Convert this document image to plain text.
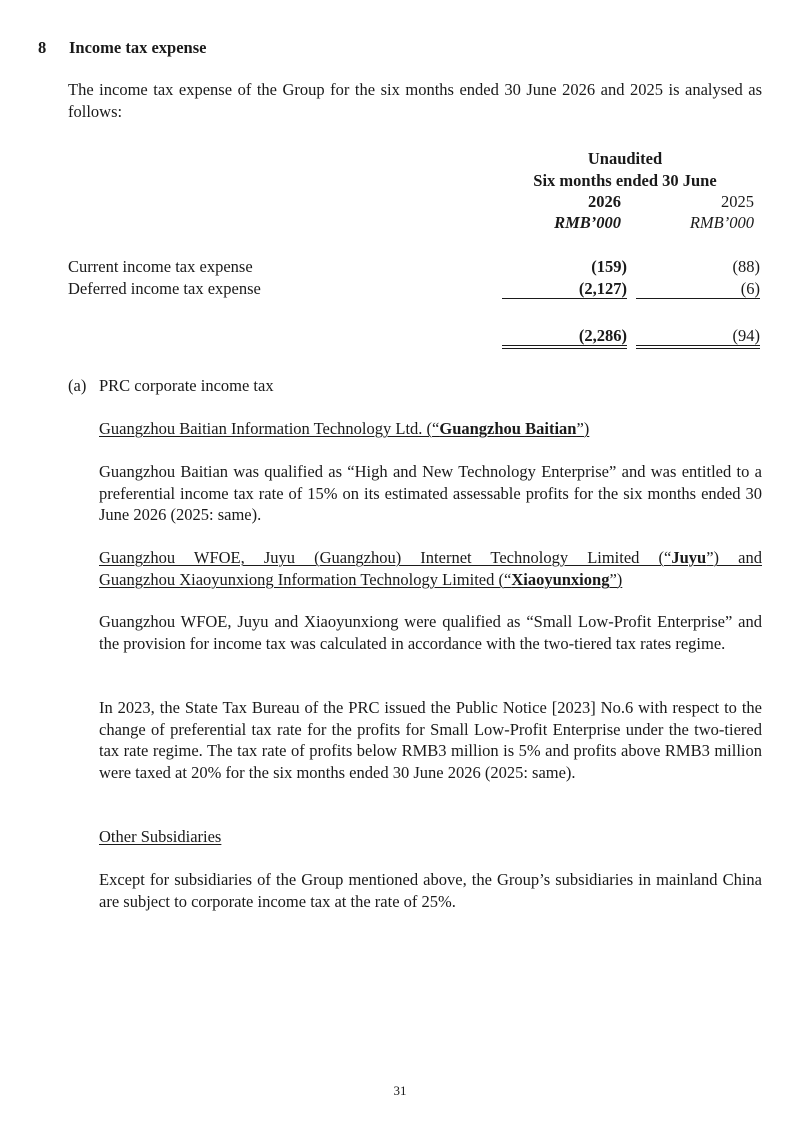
8 Income tax expense
The income tax expense of the Group for the six months ended 30 June 2026 and 2025 is analysed as follows:
Unaudited
Six months ended 30 June
2026	2025
RMB’000	RMB’000
Current income tax expense	(159)	(88)
Deferred income tax expense	(2,127)	(6)
(2,286)	(94)
(a) PRC corporate income tax
Guangzhou Baitian Information Technology Ltd. (“Guangzhou Baitian”)
Guangzhou Baitian was qualified as “High and New Technology Enterprise” and was entitled to a preferential income tax rate of 15% on its estimated assessable profits for the six months ended 30 June 2026 (2025: same).
Guangzhou WFOE, Juyu (Guangzhou) Internet Technology Limited (“Juyu”) and
Guangzhou Xiaoyunxiong Information Technology Limited (“Xiaoyunxiong”)
Guangzhou WFOE, Juyu and Xiaoyunxiong were qualified as “Small Low-Profit Enterprise” and the provision for income tax was calculated in accordance with the two-tiered tax rates regime.
In 2023, the State Tax Bureau of the PRC issued the Public Notice [2023] No.6 with respect to the change of preferential tax rate for the profits for Small Low-Profit Enterprise under the two-tiered tax rate regime. The tax rate of profits below RMB3 million is 5% and profits above RMB3 million were taxed at 20% for the six months ended 30 June 2026 (2025: same).
Other Subsidiaries
Except for subsidiaries of the Group mentioned above, the Group’s subsidiaries in mainland China are subject to corporate income tax at the rate of 25%.
31
